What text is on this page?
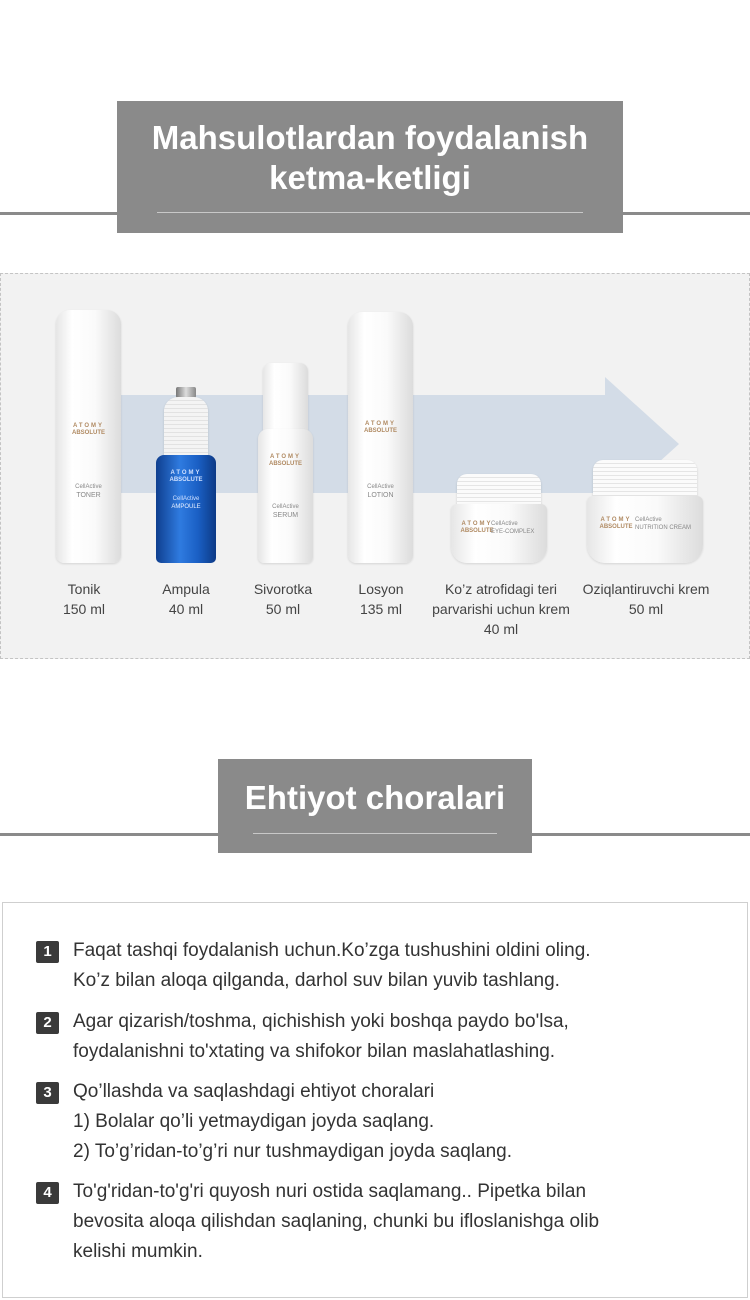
Mahsulotlardan foydalanish
ketma-ketligi
ATOMY
ABSOLUTE
CellActive
TONER
ATOMY
ABSOLUTE
CellActive
AMPOULE
ATOMY
ABSOLUTE
CellActive
SERUM
ATOMY
ABSOLUTE
CellActive
LOTION
ATOMY
ABSOLUTE
CellActive
EYE-COMPLEX
ATOMY
ABSOLUTE
CellActive
NUTRITION CREAM
Tonik
150 ml
Ampula
40 ml
Sivorotka
50 ml
Losyon
135 ml
Ko’z atrofidagi teri
parvarishi uchun krem
40 ml
Oziqlantiruvchi krem
50 ml
Ehtiyot choralari
1	Faqat tashqi foydalanish uchun.Ko’zga tushushini oldini oling.
Ko’z bilan aloqa qilganda, darhol suv bilan yuvib tashlang.
2	Agar qizarish/toshma, qichishish yoki boshqa paydo bo'lsa,
foydalanishni to'xtating va shifokor bilan maslahatlashing.
3	Qo’llashda va saqlashdagi ehtiyot choralari
1) Bolalar qo’li yetmaydigan joyda saqlang.
2) To’g’ridan-to’g’ri nur tushmaydigan joyda saqlang.
4	To'g'ridan-to'g'ri quyosh nuri ostida saqlamang.. Pipetka bilan
bevosita aloqa qilishdan saqlaning, chunki bu ifloslanishga olib
kelishi mumkin.
